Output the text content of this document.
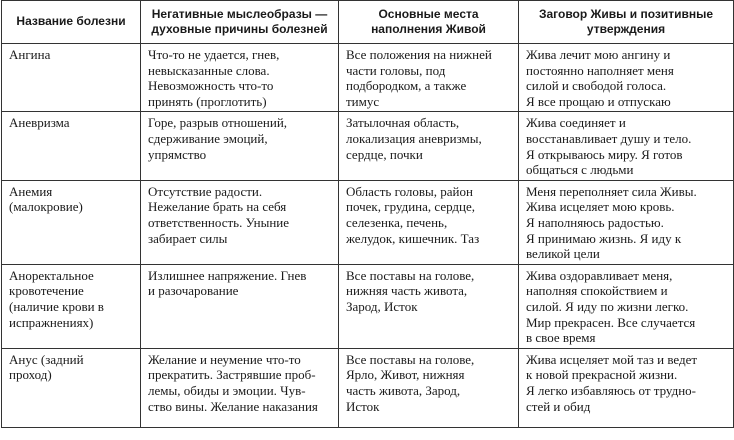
Название болезни	Негативные мыслеобразы — духовные причины болезней	Основные места наполнения Живой	Заговор Живы и позитивные утверждения

Ангина	Что-то не удается, гнев,
невысказанные слова.
Невозможность что-то
принять (проглотить)	Все положения на нижней
части головы, под
подбородком, а также
тимус	Жива лечит мою ангину и
постоянно наполняет меня
силой и свободой голоса.
Я все прощаю и отпускаю

Аневризма	Горе, разрыв отношений,
сдерживание эмоций,
упрямство	Затылочная область,
локализация аневризмы,
сердце, почки	Жива соединяет и
восстанавливает душу и тело.
Я открываюсь миру. Я готов
общаться с людьми

Анемия
(малокровие)	Отсутствие радости.
Нежелание брать на себя
ответственность. Уныние
забирает силы	Область головы, район
почек, грудина, сердце,
селезенка, печень,
желудок, кишечник. Таз	Меня переполняет сила Живы.
Жива исцеляет мою кровь.
Я наполняюсь радостью.
Я принимаю жизнь. Я иду к
великой цели

Аноректальное
кровотечение
(наличие крови в
испражнениях)	Излишнее напряжение. Гнев
и разочарование	Все поставы на голове,
нижняя часть живота,
Зарод, Исток	Жива оздоравливает меня,
наполняя спокойствием и
силой. Я иду по жизни легко.
Мир прекрасен. Все случается
в свое время

Анус (задний
проход)	Желание и неумение что-то
прекратить. Застрявшие проб-
лемы, обиды и эмоции. Чув-
ство вины. Желание наказания	Все поставы на голове,
Ярло, Живот, нижняя
часть живота, Зарод,
Исток	Жива исцеляет мой таз и ведет
к новой прекрасной жизни.
Я легко избавляюсь от трудно-
стей и обид
